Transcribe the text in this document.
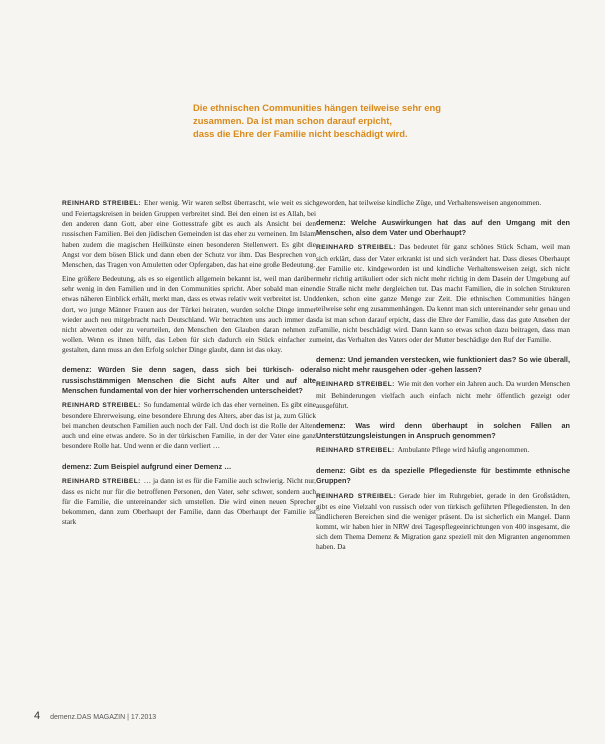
Die ethnischen Communities hängen teilweise sehr eng
zusammen. Da ist man schon darauf erpicht,
dass die Ehre der Familie nicht beschädigt wird.

REINHARD STREIBEL: Eher wenig. Wir waren selbst überrascht, wie weit es sich und Feiertagskreisen in beiden Gruppen verbreitet sind. Bei den einen ist es Allah, bei den anderen dann Gott, aber eine Gottesstrafe gibt es auch als Ansicht bei den russischen Familien. Bei den jüdischen Gemeinden ist das eher zu verneinen. Im Islam haben zudem die magischen Heilkünste einen besonderen Stellenwert. Es gibt die Angst vor dem bösen Blick und dann eben der Schutz vor ihm. Das Besprechen von Menschen, das Tragen von Amuletten oder Opfergaben, das hat eine große Bedeutung.

Eine größere Bedeutung, als es so eigentlich allgemein bekannt ist, weil man darüber sehr wenig in den Familien und in den Communities spricht. Aber sobald man einen etwas näheren Einblick erhält, merkt man, dass es etwas relativ weit verbreitet ist. Und dort, wo junge Männer Frauen aus der Türkei heiraten, wurden solche Dinge immer wieder auch neu mitgebracht nach Deutschland. Wir betrachten uns auch immer das nicht abwerten oder zu verurteilen, den Menschen den Glauben daran nehmen zu wollen. Wenn es ihnen hilft, das Leben für sich dadurch ein Stück einfacher zu gestalten, dann muss an den Erfolg solcher Dinge glaubt, dann ist das okay.

demenz: Würden Sie denn sagen, dass sich bei türkisch- oder russischstämmigen Menschen die Sicht aufs Alter und auf alte Menschen fundamental von der hier vorherrschenden unterscheidet?

REINHARD STREIBEL: So fundamental würde ich das eher verneinen. Es gibt eine besondere Ehrerweisung, eine besondere Ehrung des Alters, aber das ist ja, zum Glück bei manchen deutschen Familien auch noch der Fall. Und doch ist die Rolle der Alten auch und eine etwas andere. So in der türkischen Familie, in der der Vater eine ganz besondere Rolle hat. Und wenn er die dann verliert …

demenz: Zum Beispiel aufgrund einer Demenz …

REINHARD STREIBEL: … ja dann ist es für die Familie auch schwierig. Nicht nur, dass es nicht nur für die betroffenen Personen, den Vater, sehr schwer, sondern auch für die Familie, die untereinander sich umstellen. Die wird einen neuen Sprecher bekommen, dann zum Oberhaupt der Familie, dann das Oberhaupt der Familie ist stark

geworden, hat teilweise kindliche Züge, und Verhaltensweisen angenommen.

demenz: Welche Auswirkungen hat das auf den Umgang mit den Menschen, also dem Vater und Oberhaupt?

REINHARD STREIBEL: Das bedeutet für ganz schönes Stück Scham, weil man sich erklärt, dass der Vater erkrankt ist und sich verändert hat. Dass dieses Oberhaupt der Familie etc. kindgeworden ist und kindliche Verhaltensweisen zeigt, sich nicht mehr richtig artikuliert oder sich nicht mehr richtig in dem Dasein der Umgebung auf die Straße nicht mehr dergleichen tut. Das macht Familien, die in solchen Strukturen denken, schon eine ganze Menge zur Zeit. Die ethnischen Communities hängen teilweise sehr eng zusammenhängen. Da kennt man sich untereinander sehr genau und da ist man schon darauf erpicht, dass die Ehre der Familie, dass das gute Ansehen der Familie, nicht beschädigt wird. Dann kann so etwas schon dazu beitragen, dass man meint, das Verhalten des Vaters oder der Mutter beschädige den Ruf der Familie.

demenz: Und jemanden verstecken, wie funktioniert das? So wie überall, also nicht mehr rausgehen oder -gehen lassen?

REINHARD STREIBEL: Wie mit den vorher ein Jahren auch. Da wurden Menschen mit Behinderungen vielfach auch einfach nicht mehr öffentlich gezeigt oder ausgeführt.

demenz: Was wird denn überhaupt in solchen Fällen an Unterstützungsleistungen in Anspruch genommen?

REINHARD STREIBEL: Ambulante Pflege wird häufig angenommen.

demenz: Gibt es da spezielle Pflegedienste für bestimmte ethnische Gruppen?

REINHARD STREIBEL: Gerade hier im Ruhrgebiet, gerade in den Großstädten, gibt es eine Vielzahl von russisch oder von türkisch geführten Pflegediensten. In den ländlicheren Bereichen sind die weniger präsent. Da ist sicherlich ein Mangel. Dann kommt, wir haben hier in NRW drei Tagespflegeeinrichtungen von 400 insgesamt, die sich dem Thema Demenz & Migration ganz speziell mit den Migranten angenommen haben. Da

4 demenz.DAS MAGAZIN | 17.2013
